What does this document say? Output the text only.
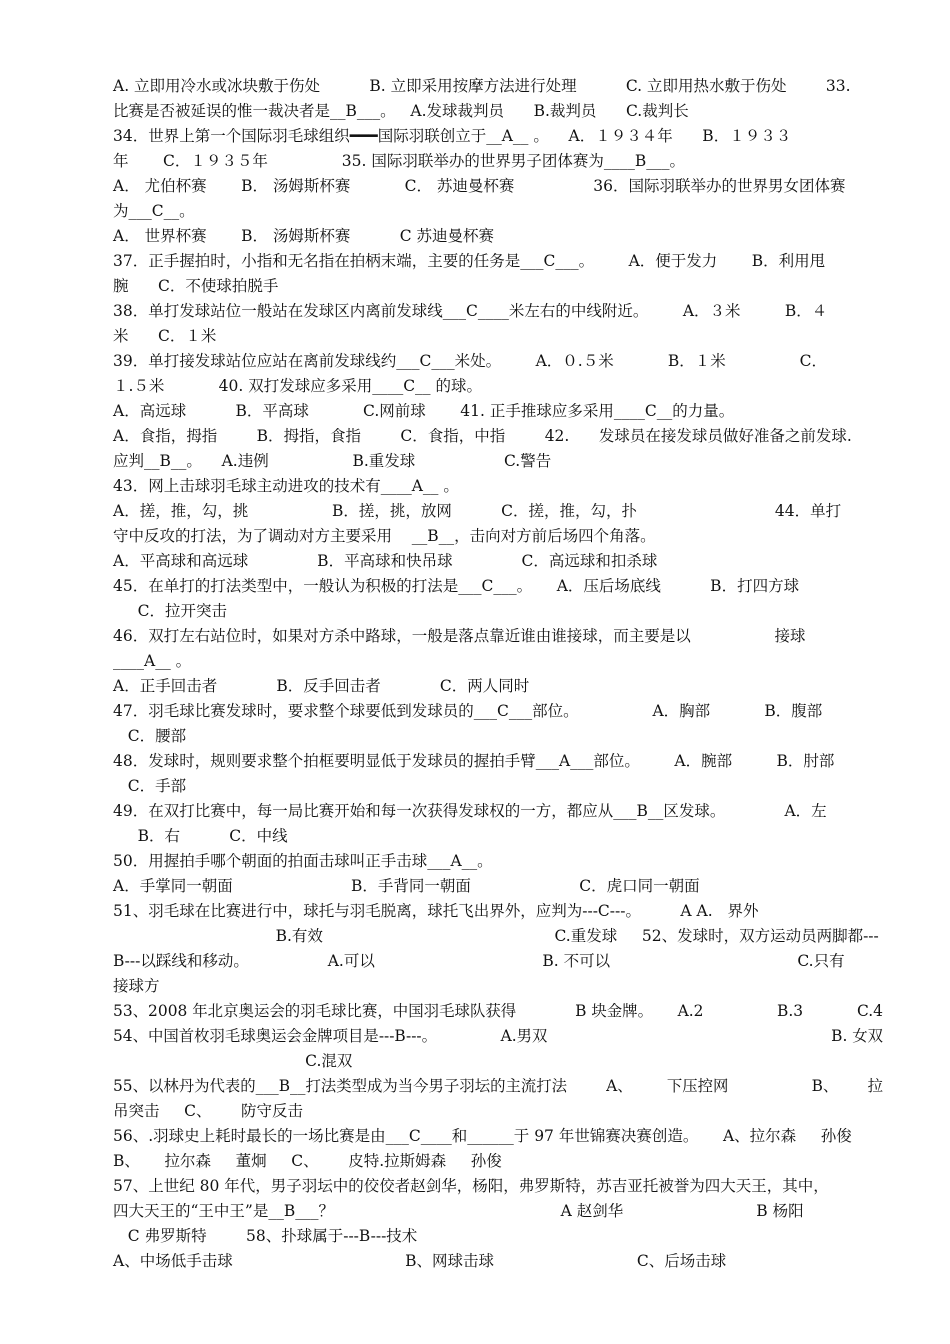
A. 立即用冷水或冰块敷于伤处          B. 立即采用按摩方法进行处理          C. 立即用热水敷于伤处        33.
比赛是否被延误的惟一裁决者是__B___。   A.发球裁判员      B.裁判员      C.裁判长
34．世界上第一个国际羽毛球组织━━━国际羽联创立于__A__ 。    A．１９３４年      B．１９３３
年       C．１９３５年               35. 国际羽联举办的世界男子团体赛为____B___。
A． 尤伯杯赛       B． 汤姆斯杯赛           C． 苏迪曼杯赛                36．国际羽联举办的世界男女团体赛
为___C__。
A． 世界杯赛       B． 汤姆斯杯赛          C 苏迪曼杯赛
37．正手握拍时，小指和无名指在拍柄末端，主要的任务是___C___。       A．便于发力       B．利用甩
腕      C．不使球拍脱手
38．单打发球站位一般站在发球区内离前发球线___C____米左右的中线附近。       A．３米         B．４
米      C．１米
39．单打接发球站位应站在离前发球线约___C___米处。       A．０.５米           B．１米               C．
１.５米           40. 双打发球应多采用____C__ 的球。
A．高远球          B．平高球           C.网前球       41. 正手推球应多采用____C__的力量。
A．食指，拇指        B．拇指，食指        C．食指，中指        42.      发球员在接发球员做好准备之前发球.
应判__B__。    A.违例                 B.重发球                  C.警告
43．网上击球羽毛球主动进攻的技术有____A__ 。
A．搓，推，勾，挑                 B．搓，挑，放网          C．搓，推，勾，扑                            44．单打
守中反攻的打法，为了调动对方主要采用    __B__，击向对方前后场四个角落。
A．平高球和高远球              B．平高球和快吊球              C．高远球和扣杀球
45．在单打的打法类型中，一般认为积极的打法是___C___。     A．压后场底线          B．打四方球
C．拉开突击
46．双打左右站位时，如果对方杀中路球，一般是落点靠近谁由谁接球，而主要是以                 接球
____A__ 。
A．正手回击者            B．反手回击者            C．两人同时
47．羽毛球比赛发球时，要求整个球要低到发球员的___C___部位。               A．胸部           B．腹部
C．腰部
48．发球时，规则要求整个拍框要明显低于发球员的握拍手臂___A___部位。       A．腕部         B．肘部
C．手部
49．在双打比赛中，每一局比赛开始和每一次获得发球权的一方，都应从___B__区发球。            A．左
B．右          C．中线
50．用握拍手哪个朝面的拍面击球叫正手击球___A__。
A．手掌同一朝面                        B．手背同一朝面                      C．虎口同一朝面
51、羽毛球在比赛进行中，球托与羽毛脱离，球托飞出界外，应判为---C---。        A A.   界外
B.有效                                               C.重发球     52、发球时，双方运动员两脚都---
B---以踩线和移动。                A.可以                                  B. 不可以                                      C.只有
接球方
53、2008 年北京奥运会的羽毛球比赛，中国羽毛球队获得            B 块金牌。     A.2               B.3           C.4
54、中国首枚羽毛球奥运会金牌项目是---B---。             A.男双                                                          B. 女双
C.混双
55、以林丹为代表的___B__打法类型成为当今男子羽坛的主流打法        A、       下压控网                 B、      拉
吊突击     C、      防守反击
56、.羽球史上耗时最长的一场比赛是由___C____和______于 97 年世锦赛决赛创造。     A、拉尔森     孙俊
B、     拉尔森     董炯     C、      皮特.拉斯姆森     孙俊
57、上世纪 80 年代，男子羽坛中的佼佼者赵剑华，杨阳，弗罗斯特，苏吉亚托被誉为四大天王，其中，
四大天王的“王中王”是__B___？                                              A 赵剑华                           B 杨阳
C 弗罗斯特        58、扑球属于---B---技术
A、中场低手击球                                   B、网球击球                             C、后场击球
